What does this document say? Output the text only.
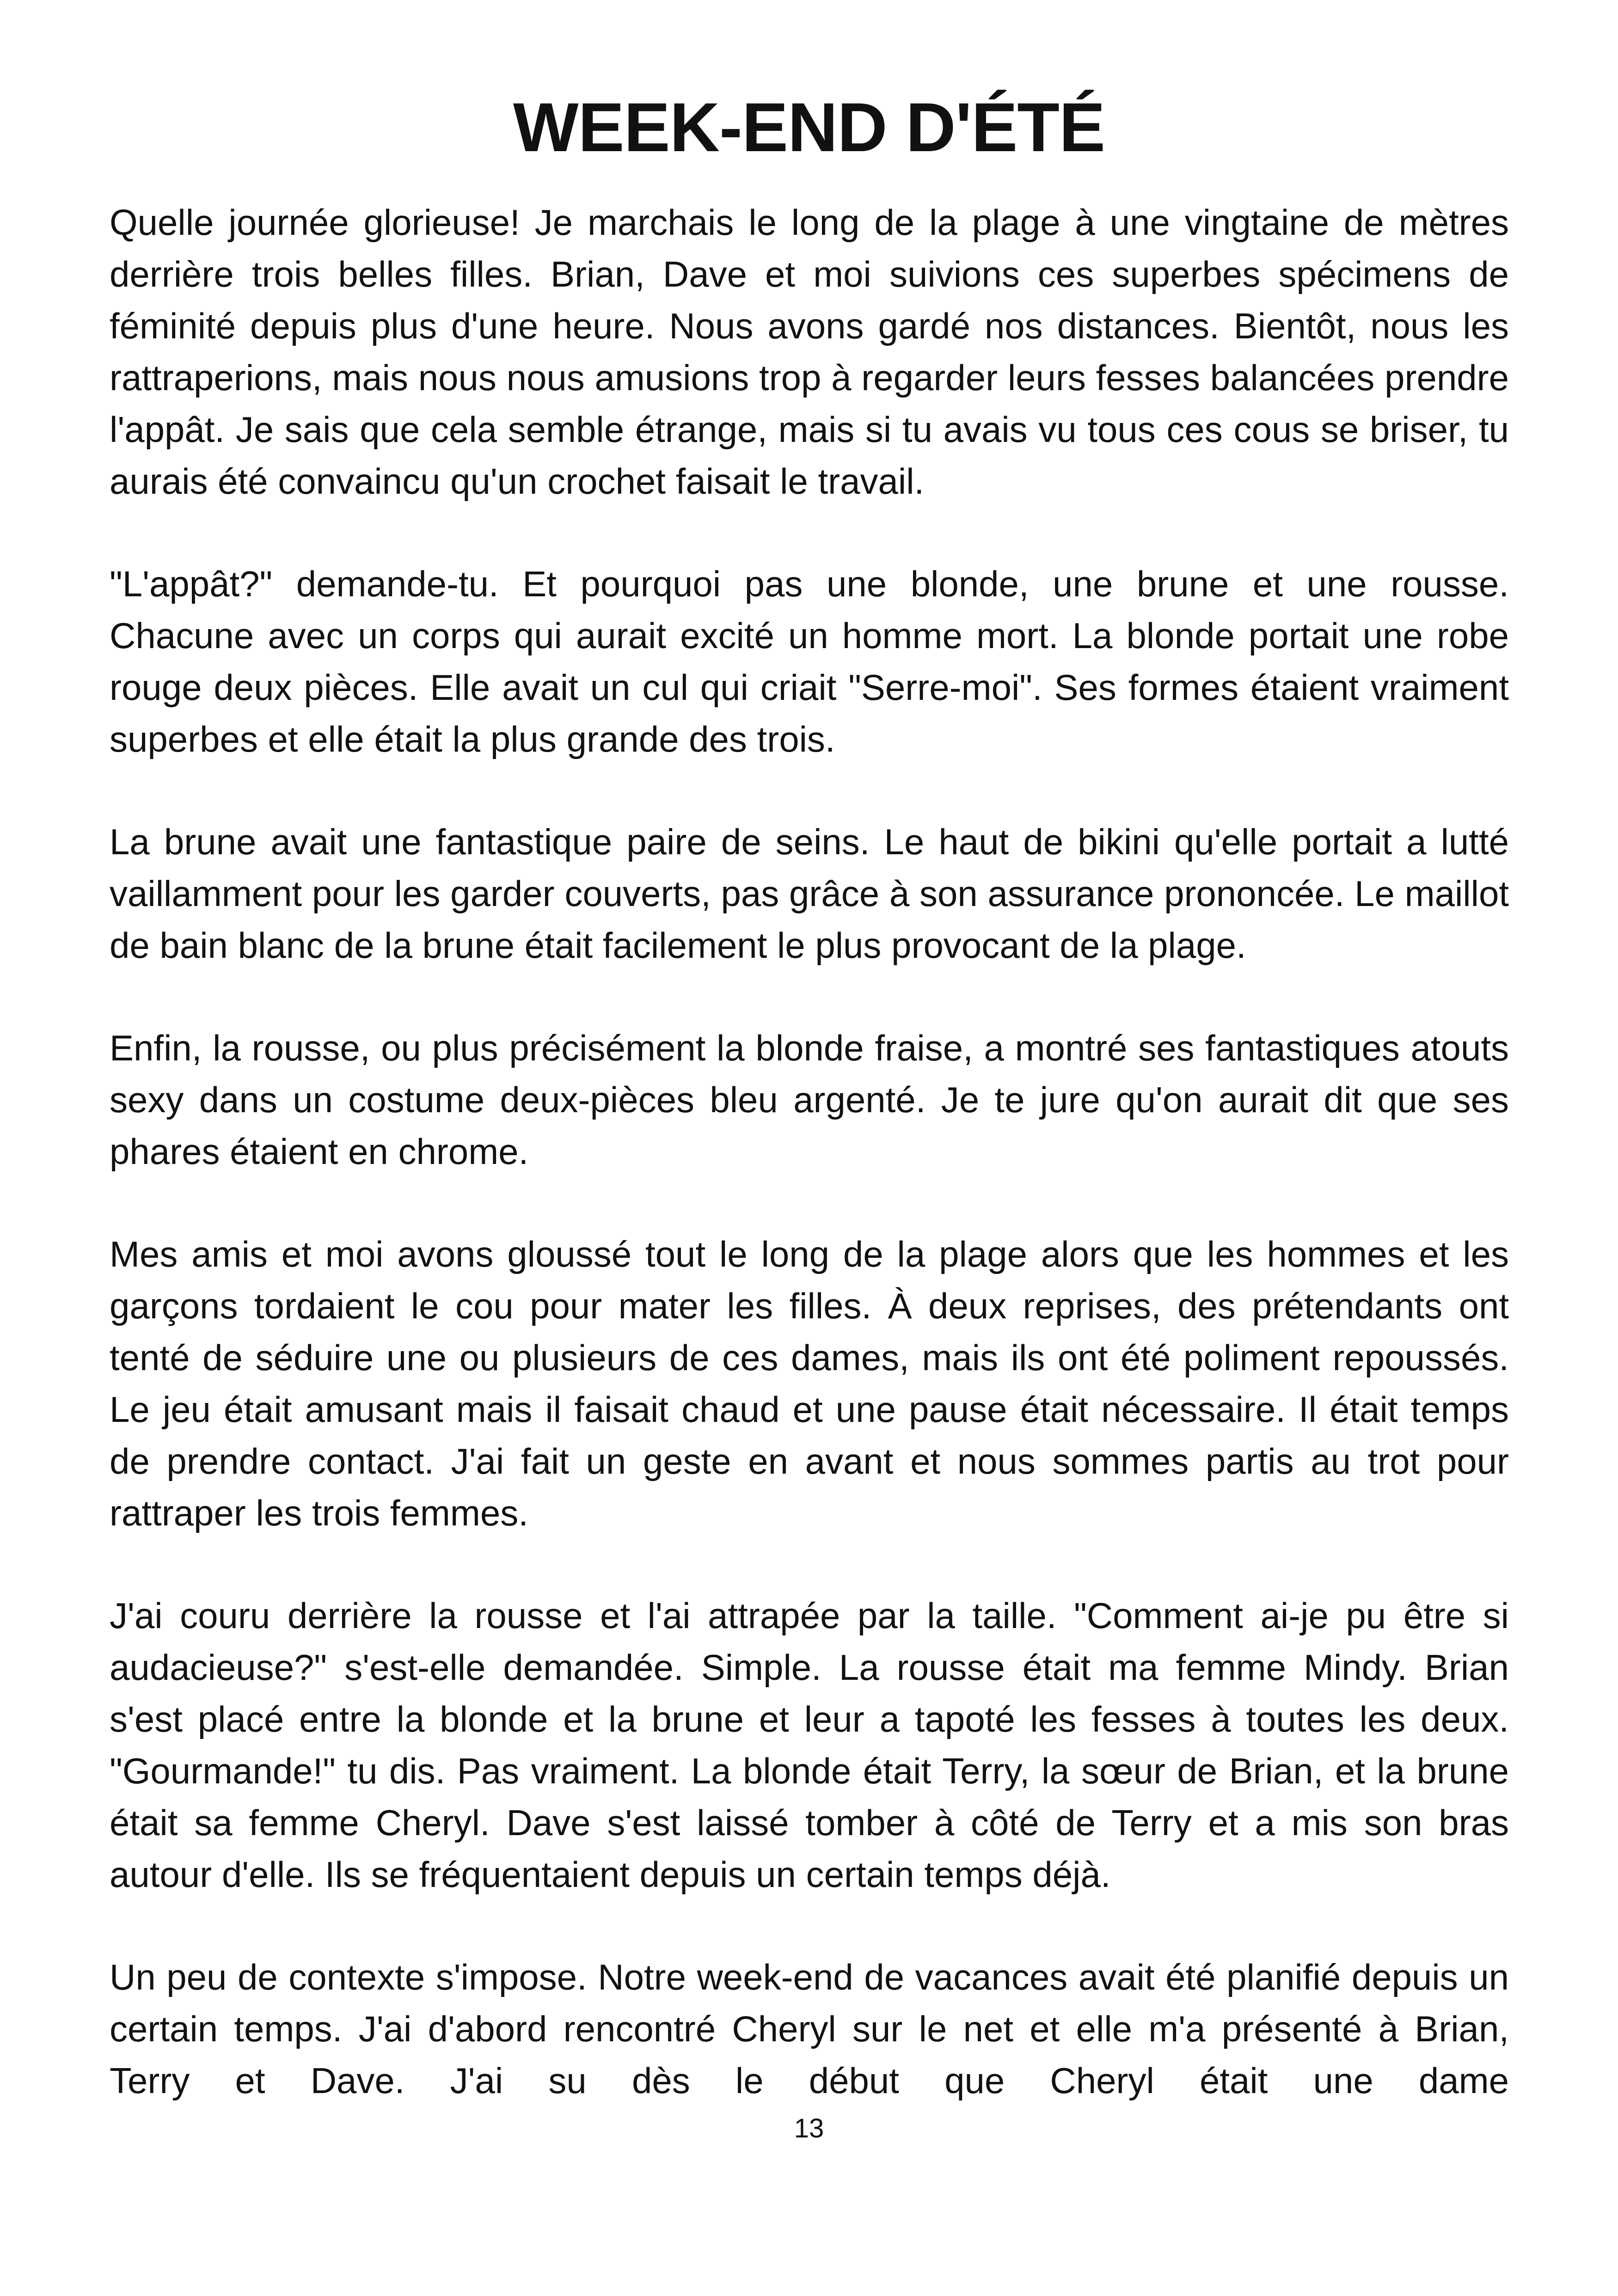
WEEK-END D'ÉTÉ

Quelle journée glorieuse! Je marchais le long de la plage à une vingtaine de mètres derrière trois belles filles. Brian, Dave et moi suivions ces superbes spécimens de féminité depuis plus d'une heure. Nous avons gardé nos distances. Bientôt, nous les rattraperions, mais nous nous amusions trop à regarder leurs fesses balancées prendre l'appât. Je sais que cela semble étrange, mais si tu avais vu tous ces cous se briser, tu aurais été convaincu qu'un crochet faisait le travail.

"L'appât?" demande-tu. Et pourquoi pas une blonde, une brune et une rousse. Chacune avec un corps qui aurait excité un homme mort. La blonde portait une robe rouge deux pièces. Elle avait un cul qui criait "Serre-moi". Ses formes étaient vraiment superbes et elle était la plus grande des trois.

La brune avait une fantastique paire de seins. Le haut de bikini qu'elle portait a lutté vaillamment pour les garder couverts, pas grâce à son assurance prononcée. Le maillot de bain blanc de la brune était facilement le plus provocant de la plage.

Enfin, la rousse, ou plus précisément la blonde fraise, a montré ses fantastiques atouts sexy dans un costume deux-pièces bleu argenté. Je te jure qu'on aurait dit que ses phares étaient en chrome.

Mes amis et moi avons gloussé tout le long de la plage alors que les hommes et les garçons tordaient le cou pour mater les filles. À deux reprises, des prétendants ont tenté de séduire une ou plusieurs de ces dames, mais ils ont été poliment repoussés. Le jeu était amusant mais il faisait chaud et une pause était nécessaire. Il était temps de prendre contact. J'ai fait un geste en avant et nous sommes partis au trot pour rattraper les trois femmes.

J'ai couru derrière la rousse et l'ai attrapée par la taille. "Comment ai-je pu être si audacieuse?" s'est-elle demandée. Simple. La rousse était ma femme Mindy. Brian s'est placé entre la blonde et la brune et leur a tapoté les fesses à toutes les deux. "Gourmande!" tu dis. Pas vraiment. La blonde était Terry, la sœur de Brian, et la brune était sa femme Cheryl. Dave s'est laissé tomber à côté de Terry et a mis son bras autour d'elle. Ils se fréquentaient depuis un certain temps déjà.

Un peu de contexte s'impose. Notre week-end de vacances avait été planifié depuis un certain temps. J'ai d'abord rencontré Cheryl sur le net et elle m'a présenté à Brian, Terry et Dave. J'ai su dès le début que Cheryl était une dame

13
